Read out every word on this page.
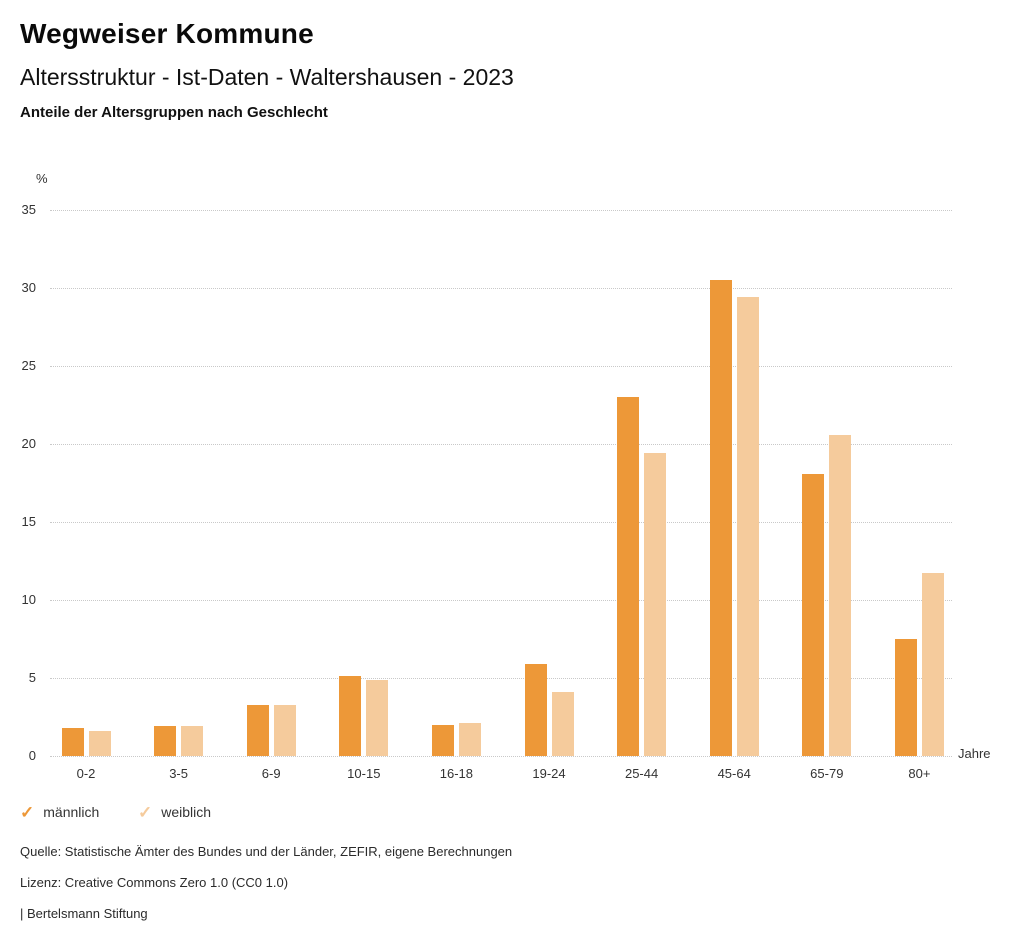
Wegweiser Kommune
Altersstruktur - Ist-Daten - Waltershausen - 2023
Anteile der Altersgruppen nach Geschlecht
%
0
5
10
15
20
25
30
35
0-2	3-5	6-9	10-15	16-18	19-24	25-44	45-64	65-79	80+
Jahre
✓ männlich ✓ weiblich
Quelle: Statistische Ämter des Bundes und der Länder, ZEFIR, eigene Berechnungen
Lizenz: Creative Commons Zero 1.0 (CC0 1.0)
| Bertelsmann Stiftung
